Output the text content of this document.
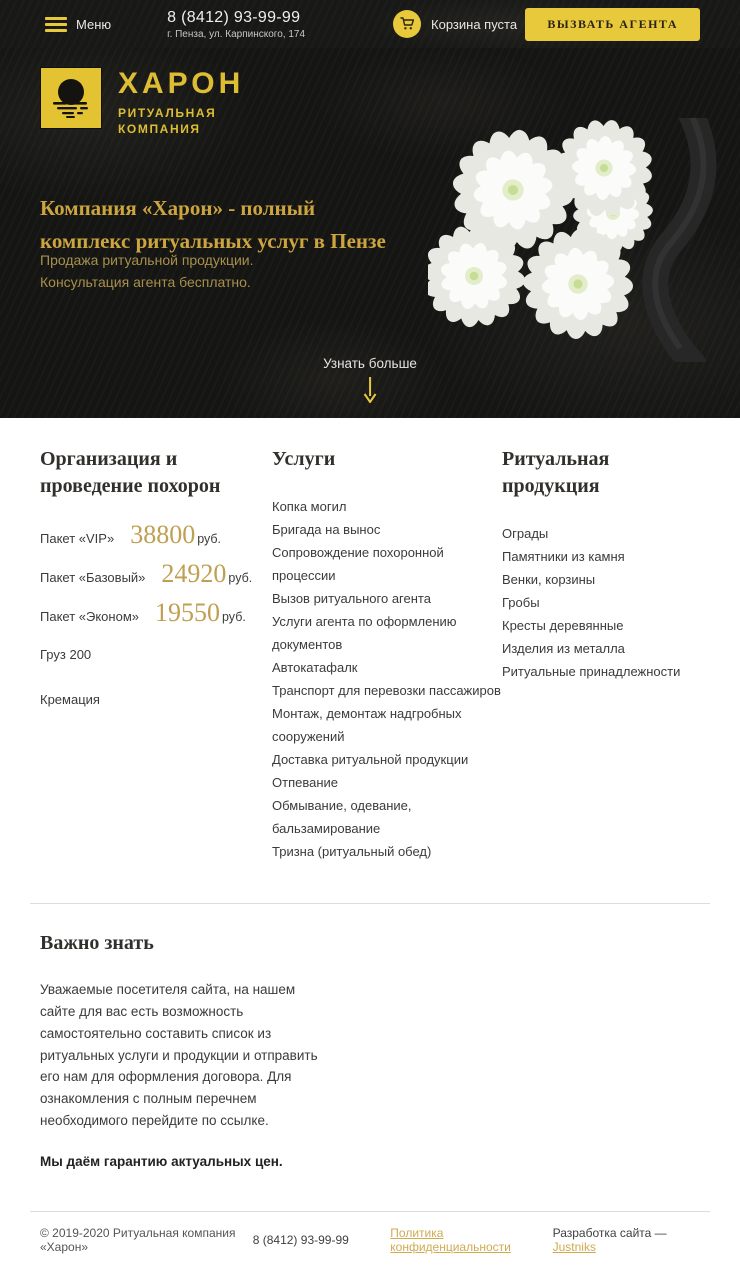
Меню	8 (8412) 93-99-99
г. Пенза, ул. Карпинского, 174
Корзина пуста	ВЫЗВАТЬ АГЕНТА
ХАРОН
РИТУАЛЬНАЯ
КОМПАНИЯ
Компания «Харон» - полный комплекс ритуальных услуг в Пензе
Продажа ритуальной продукции.
Консультация агента бесплатно.
Узнать больше
Организация и проведение похорон
Пакет «VIP» 38800 руб.
Пакет «Базовый» 24920 руб.
Пакет «Эконом» 19550 руб.
Груз 200
Кремация
Услуги
Копка могил
Бригада на вынос
Сопровождение похоронной процессии
Вызов ритуального агента
Услуги агента по оформлению документов
Автокатафалк
Транспорт для перевозки пассажиров
Монтаж, демонтаж надгробных сооружений
Доставка ритуальной продукции
Отпевание
Обмывание, одевание, бальзамирование
Тризна (ритуальный обед)
Ритуальная продукция
Ограды
Памятники из камня
Венки, корзины
Гробы
Кресты деревянные
Изделия из металла
Ритуальные принадлежности
Важно знать

Уважаемые посетителя сайта, на нашем сайте для вас есть возможность самостоятельно составить список из ритуальных услуги и продукции и отправить его нам для оформления договора. Для ознакомления с полным перечнем необходимого перейдите по ссылке.

Мы даём гарантию актуальных цен.

© 2019-2020 Ритуальная компания «Харон»	8 (8412) 93-99-99	Политика конфиденциальности
Разработка сайта — Justniks
